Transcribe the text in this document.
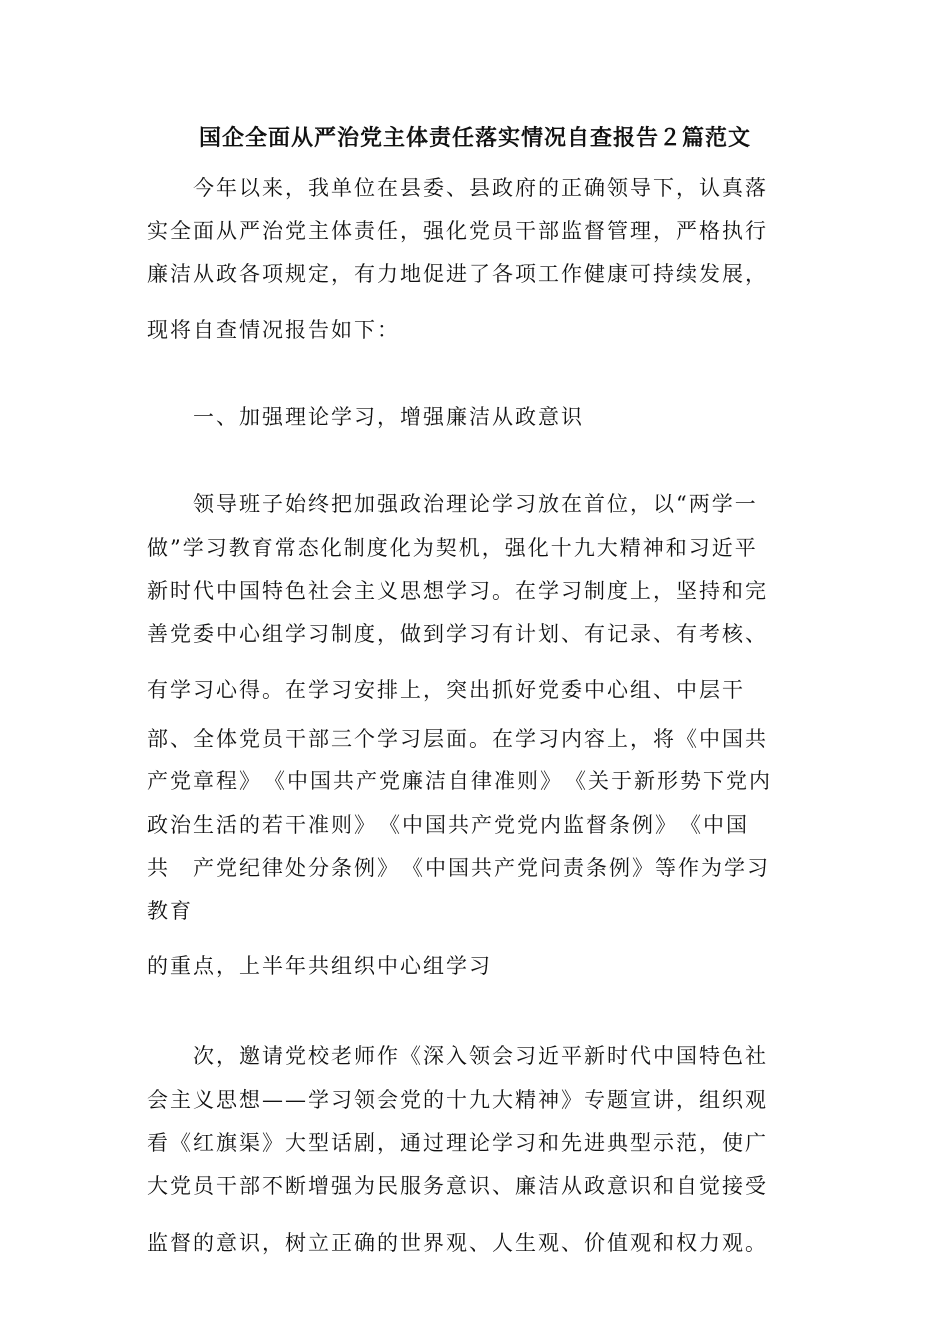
国企全面从严治党主体责任落实情况自查报告２篇范文
　　今年以来，我单位在县委、县政府的正确领导下，认真落
实全面从严治党主体责任，强化党员干部监督管理，严格执行
廉洁从政各项规定，有力地促进了各项工作健康可持续发展，
现将自查情况报告如下：
　　一、加强理论学习，增强廉洁从政意识
　　领导班子始终把加强政治理论学习放在首位，以“两学一
做”学习教育常态化制度化为契机，强化十九大精神和习近平
新时代中国特色社会主义思想学习。在学习制度上，坚持和完
善党委中心组学习制度，做到学习有计划、有记录、有考核、
有学习心得。在学习安排上，突出抓好党委中心组、中层干
部、全体党员干部三个学习层面。在学习内容上，将《中国共
产党章程》　《中国共产党廉洁自律准则》　《关于新形势下党内
政治生活的若干准则》　《中国共产党党内监督条例》　《中国
共　产党纪律处分条例》　《中国共产党问责条例》等作为学习
教育
的重点，上半年共组织中心组学习
　　次，邀请党校老师作《深入领会习近平新时代中国特色社
会主义思想——学习领会党的十九大精神》专题宣讲，组织观
看《红旗渠》大型话剧，通过理论学习和先进典型示范，使广
大党员干部不断增强为民服务意识、廉洁从政意识和自觉接受
监督的意识，树立正确的世界观、人生观、价值观和权力观。
